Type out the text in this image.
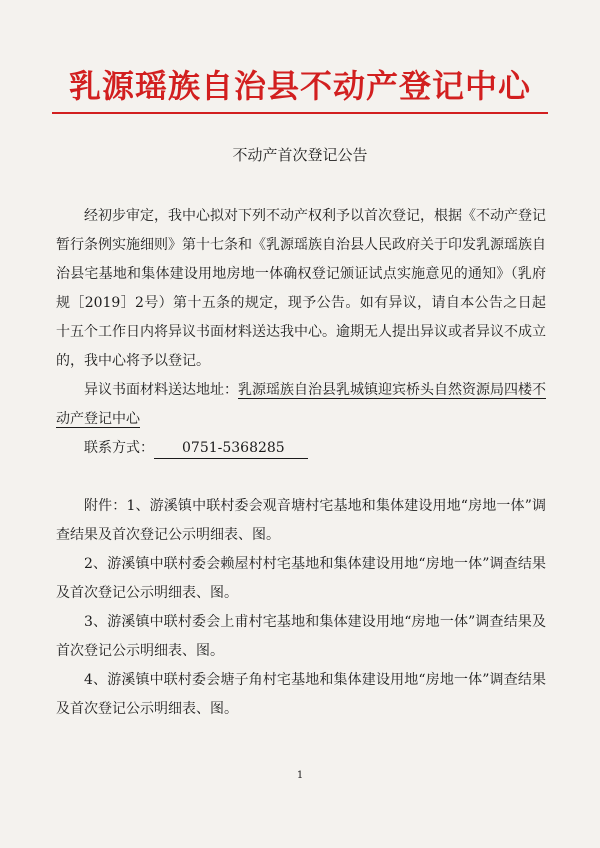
乳源瑶族自治县不动产登记中心
不动产首次登记公告

经初步审定，我中心拟对下列不动产权利予以首次登记，根据《不动产登记暂行条例实施细则》第十七条和《乳源瑶族自治县人民政府关于印发乳源瑶族自治县宅基地和集体建设用地房地一体确权登记颁证试点实施意见的通知》（乳府规［2019］2号）第十五条的规定，现予公告。如有异议，请自本公告之日起十五个工作日内将异议书面材料送达我中心。逾期无人提出异议或者异议不成立的，我中心将予以登记。

异议书面材料送达地址：乳源瑶族自治县乳城镇迎宾桥头自然资源局四楼不动产登记中心

联系方式： 0751-5368285

附件：1、游溪镇中联村委会观音塘村宅基地和集体建设用地“房地一体”调查结果及首次登记公示明细表、图。

2、游溪镇中联村委会赖屋村村宅基地和集体建设用地“房地一体”调查结果及首次登记公示明细表、图。

3、游溪镇中联村委会上甫村宅基地和集体建设用地“房地一体”调查结果及首次登记公示明细表、图。

4、游溪镇中联村委会塘子角村宅基地和集体建设用地“房地一体”调查结果及首次登记公示明细表、图。

1
